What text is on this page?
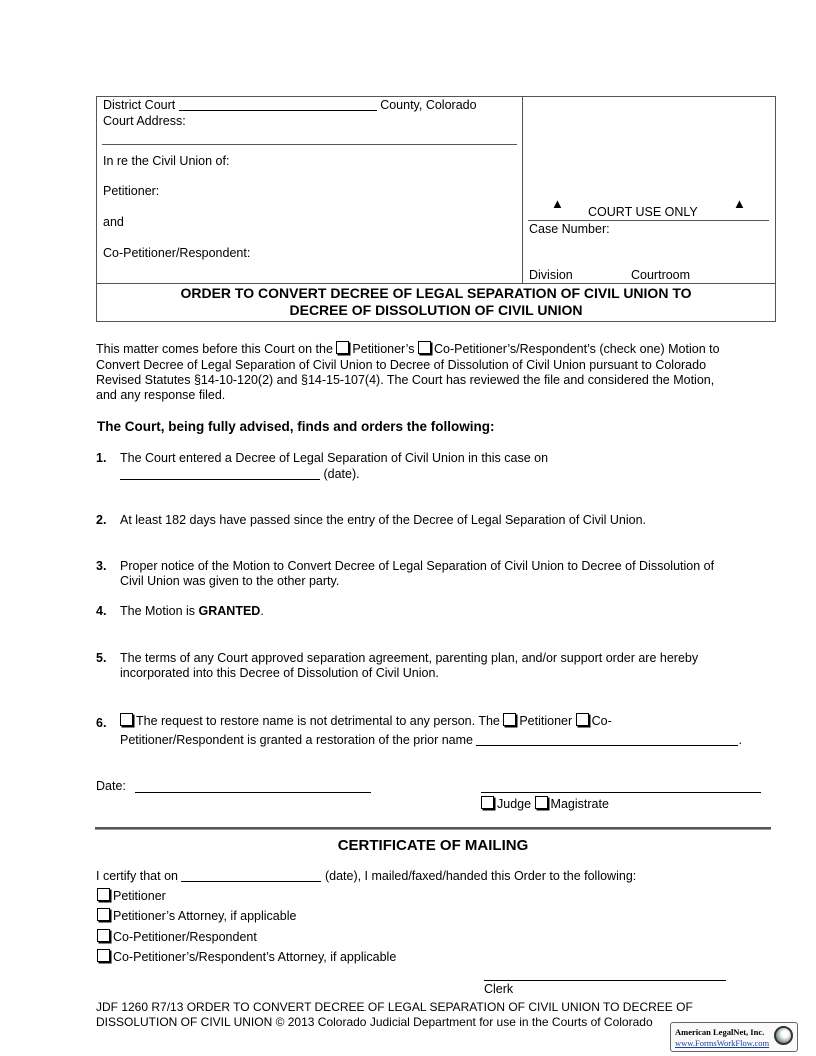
District Court	County, Colorado
Court Address:
In re the Civil Union of:
Petitioner:
and
Co-Petitioner/Respondent:
▲
COURT USE ONLY
▲
Case Number:
Division	Courtroom
ORDER TO CONVERT DECREE OF LEGAL SEPARATION OF CIVIL UNION TO
DECREE OF DISSOLUTION OF CIVIL UNION
This matter comes before this Court on the Petitioner’s Co-Petitioner’s/Respondent’s (check one) Motion to
Convert Decree of Legal Separation of Civil Union to Decree of Dissolution of Civil Union pursuant to Colorado
Revised Statutes §14-10-120(2) and §14-15-107(4). The Court has reviewed the file and considered the Motion,
and any response filed.
The Court, being fully advised, finds and orders the following:
1. The Court entered a Decree of Legal Separation of Civil Union in this case on
(date).
2. At least 182 days have passed since the entry of the Decree of Legal Separation of Civil Union.
3. Proper notice of the Motion to Convert Decree of Legal Separation of Civil Union to Decree of Dissolution of
Civil Union was given to the other party.
4. The Motion is GRANTED.
5. The terms of any Court approved separation agreement, parenting plan, and/or support order are hereby
incorporated into this Decree of Dissolution of Civil Union.
6.	The request to restore name is not detrimental to any person. The Petitioner Co-
Petitioner/Respondent is granted a restoration of the prior name	.
Date:
Judge Magistrate
CERTIFICATE OF MAILING
I certify that on	(date), I mailed/faxed/handed this Order to the following:
Petitioner
Petitioner’s Attorney, if applicable
Co-Petitioner/Respondent
Co-Petitioner’s/Respondent’s Attorney, if applicable
Clerk
JDF 1260 R7/13 ORDER TO CONVERT DECREE OF LEGAL SEPARATION OF CIVIL UNION TO DECREE OF
DISSOLUTION OF CIVIL UNION © 2013 Colorado Judicial Department for use in the Courts of Colorado
American LegalNet, Inc.
www.FormsWorkFlow.com
